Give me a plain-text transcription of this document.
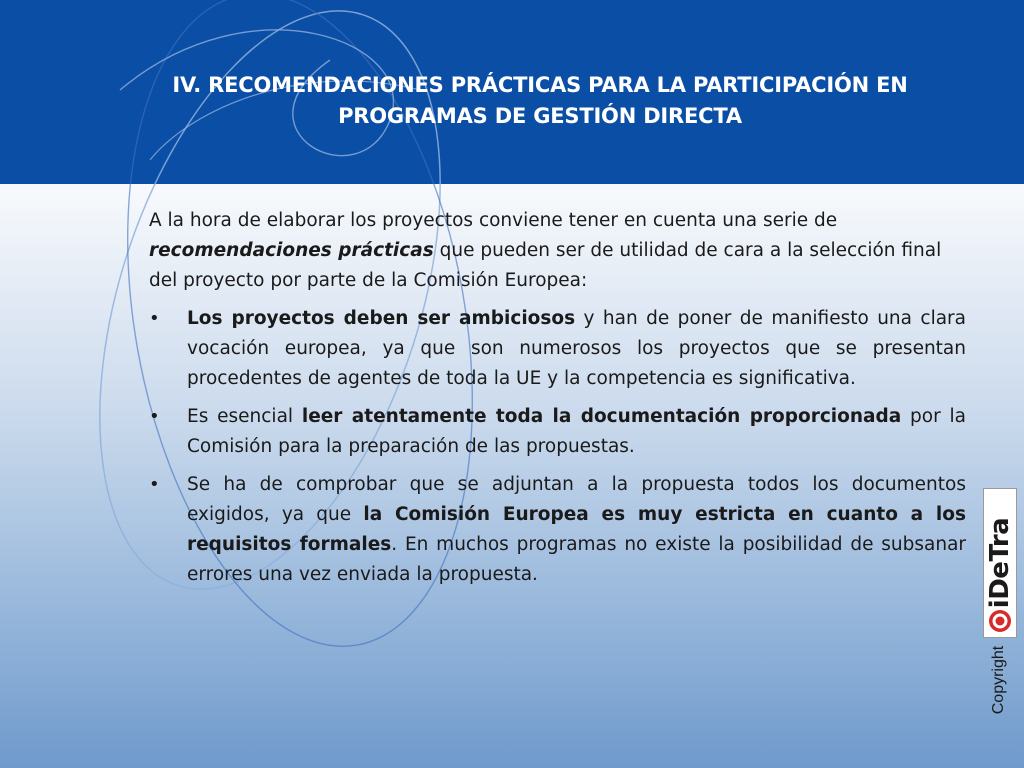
IV. RECOMENDACIONES PRÁCTICAS PARA LA PARTICIPACIÓN EN PROGRAMAS DE GESTIÓN DIRECTA

A la hora de elaborar los proyectos conviene tener en cuenta una serie de recomendaciones prácticas que pueden ser de utilidad de cara a la selección final del proyecto por parte de la Comisión Europea:

• Los proyectos deben ser ambiciosos y han de poner de manifiesto una clara vocación europea, ya que son numerosos los proyectos que se presentan procedentes de agentes de toda la UE y la competencia es significativa.
• Es esencial leer atentamente toda la documentación proporcionada por la Comisión para la preparación de las propuestas.
• Se ha de comprobar que se adjuntan a la propuesta todos los documentos exigidos, ya que la Comisión Europea es muy estricta en cuanto a los requisitos formales. En muchos programas no existe la posibilidad de subsanar errores una vez enviada la propuesta.	iDeTra
Copyright
